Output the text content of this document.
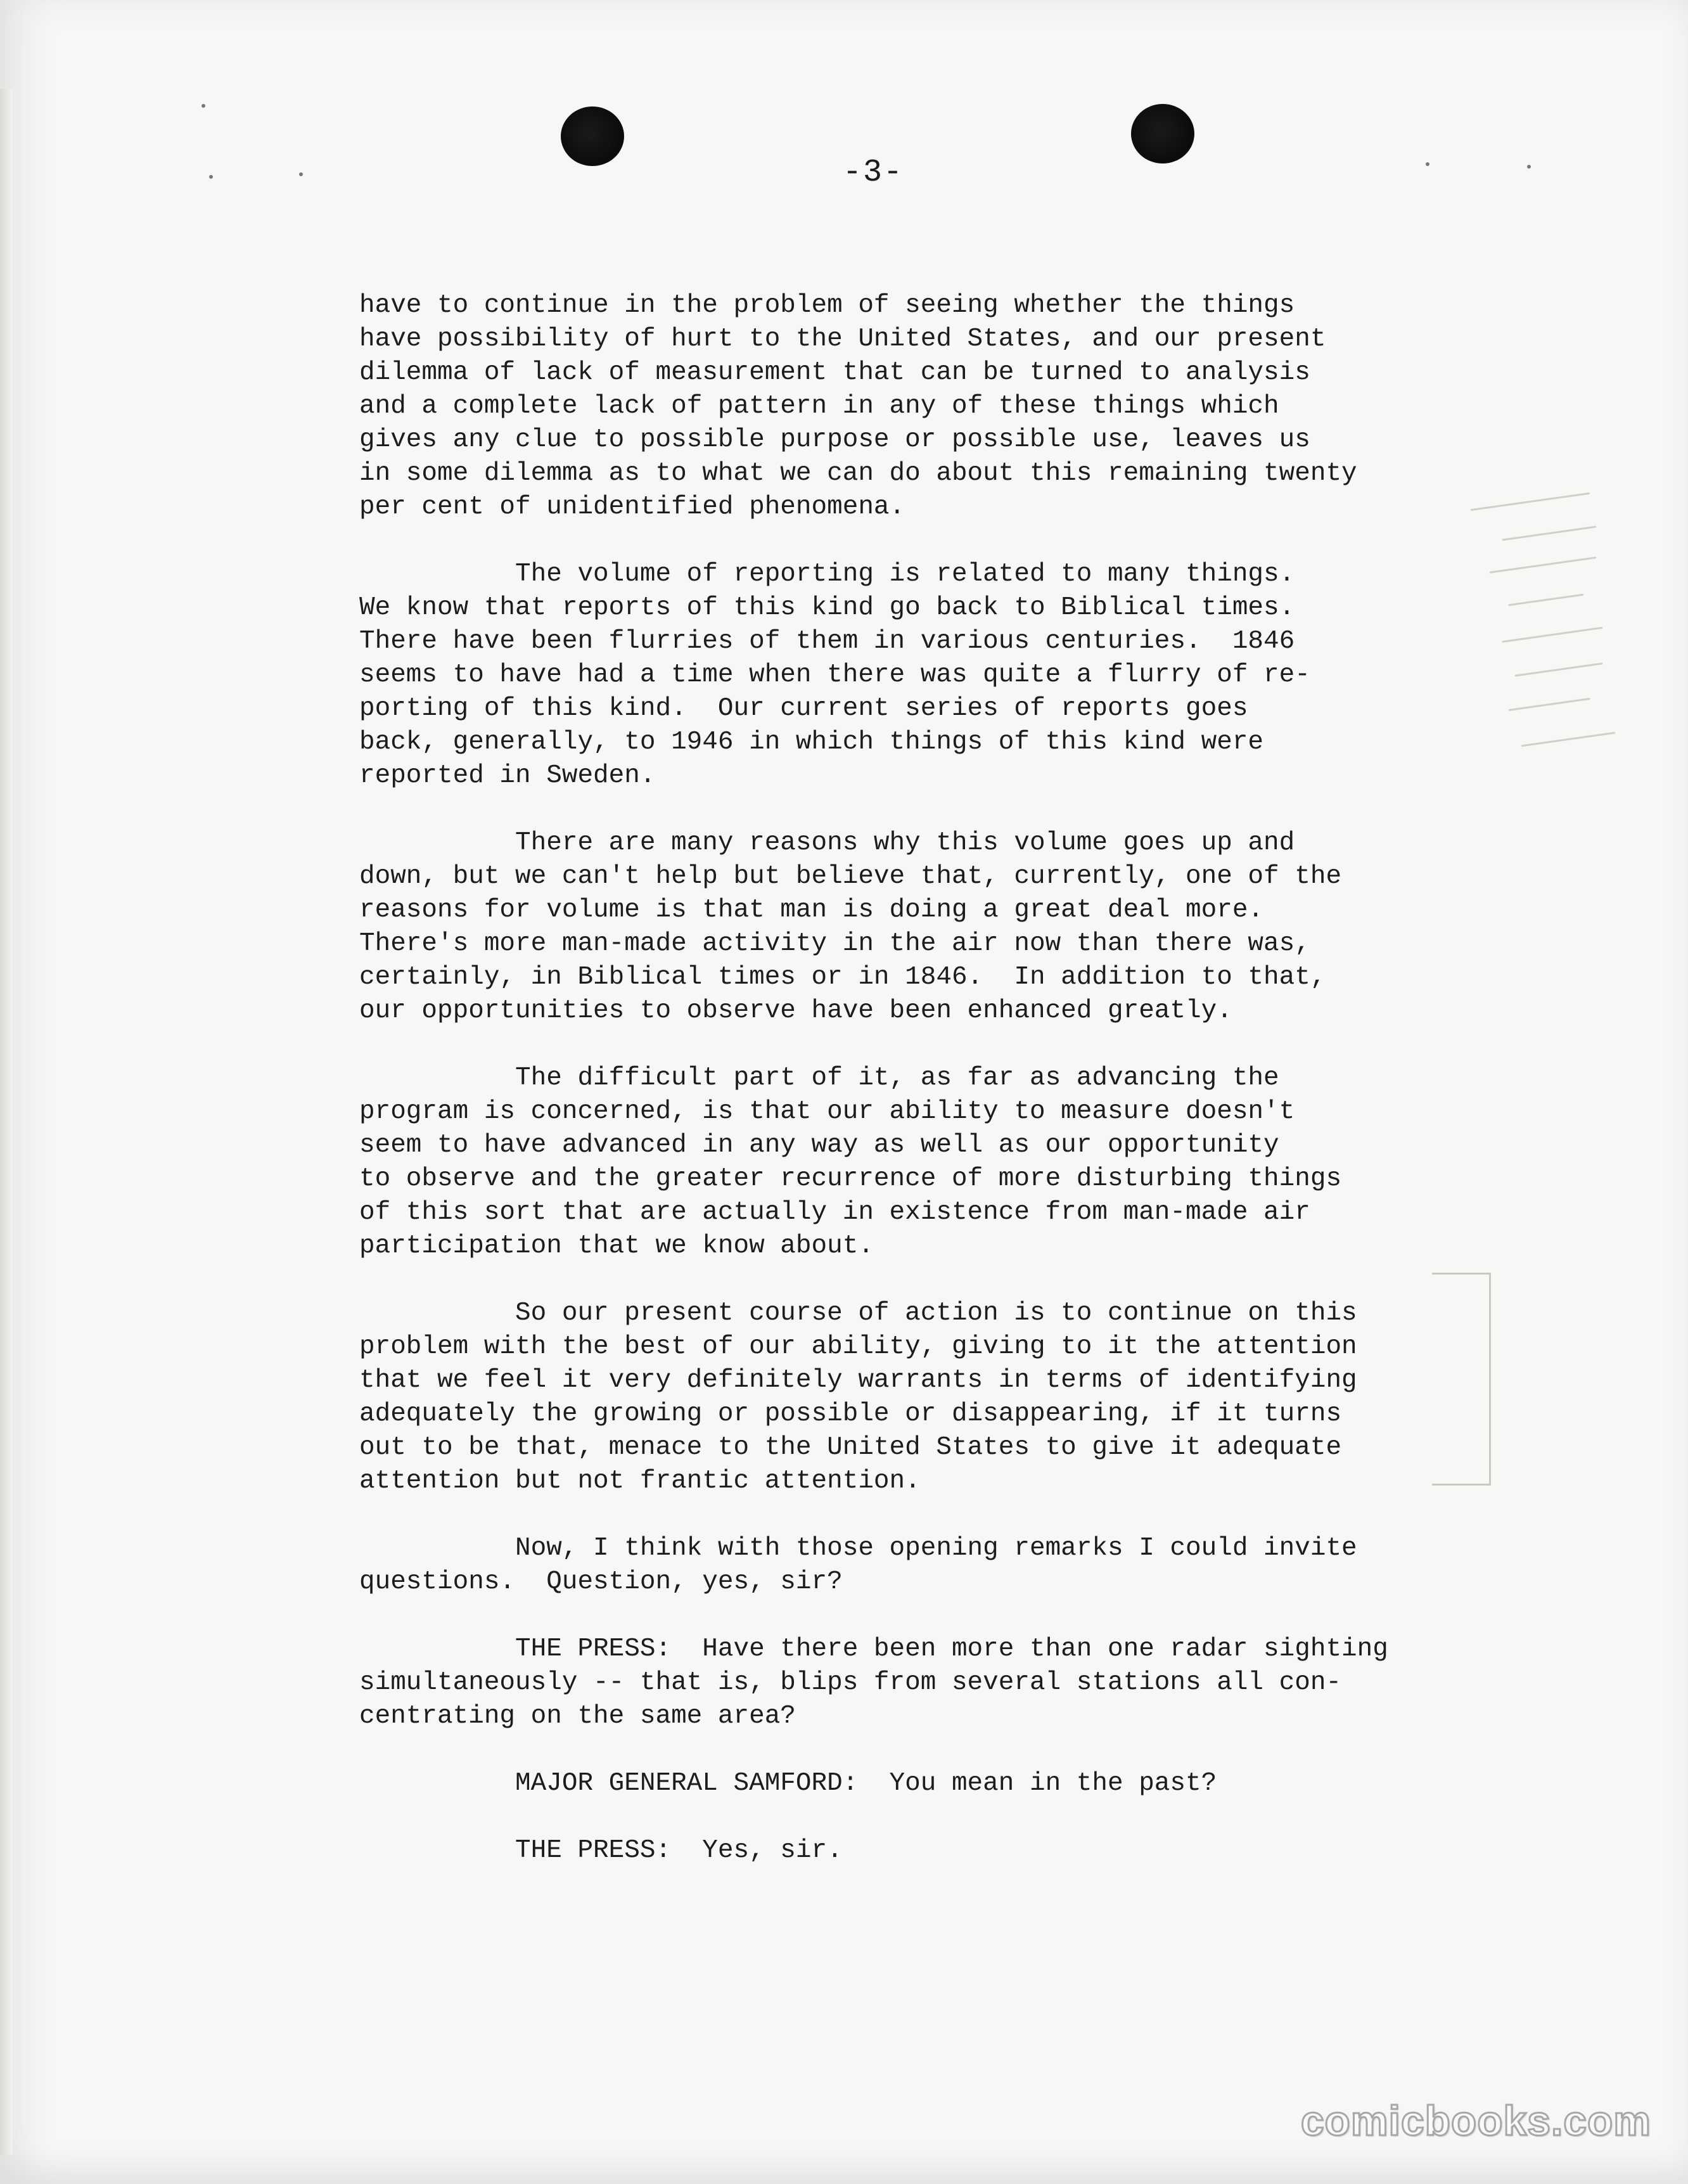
-3-
have to continue in the problem of seeing whether the things
have possibility of hurt to the United States, and our present
dilemma of lack of measurement that can be turned to analysis
and a complete lack of pattern in any of these things which
gives any clue to possible purpose or possible use, leaves us
in some dilemma as to what we can do about this remaining twenty
per cent of unidentified phenomena.
The volume of reporting is related to many things.
We know that reports of this kind go back to Biblical times.
There have been flurries of them in various centuries.  1846
seems to have had a time when there was quite a flurry of re-
porting of this kind.  Our current series of reports goes
back, generally, to 1946 in which things of this kind were
reported in Sweden.
There are many reasons why this volume goes up and
down, but we can't help but believe that, currently, one of the
reasons for volume is that man is doing a great deal more.
There's more man-made activity in the air now than there was,
certainly, in Biblical times or in 1846.  In addition to that,
our opportunities to observe have been enhanced greatly.
The difficult part of it, as far as advancing the
program is concerned, is that our ability to measure doesn't
seem to have advanced in any way as well as our opportunity
to observe and the greater recurrence of more disturbing things
of this sort that are actually in existence from man-made air
participation that we know about.
So our present course of action is to continue on this
problem with the best of our ability, giving to it the attention
that we feel it very definitely warrants in terms of identifying
adequately the growing or possible or disappearing, if it turns
out to be that, menace to the United States to give it adequate
attention but not frantic attention.
Now, I think with those opening remarks I could invite
questions.  Question, yes, sir?
THE PRESS:  Have there been more than one radar sighting
simultaneously -- that is, blips from several stations all con-
centrating on the same area?
MAJOR GENERAL SAMFORD:  You mean in the past?
THE PRESS:  Yes, sir.
comicbooks.com
